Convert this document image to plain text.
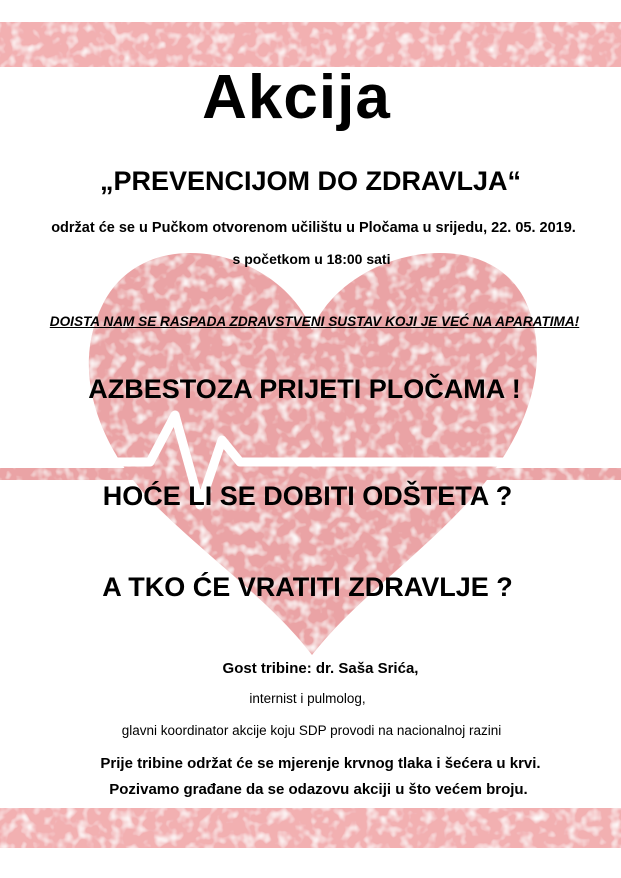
Akcija
„PREVENCIJOM DO ZDRAVLJA“
održat će se u Pučkom otvorenom učilištu u Pločama u srijedu, 22. 05. 2019.
s početkom u 18:00 sati
DOISTA NAM SE RASPADA ZDRAVSTVENI SUSTAV KOJI JE VEĆ NA APARATIMA!
AZBESTOZA PRIJETI PLOČAMA !
HOĆE LI SE DOBITI ODŠTETA ?
A TKO ĆE VRATITI ZDRAVLJE ?
Gost tribine: dr. Saša Srića,
internist i pulmolog,
glavni koordinator akcije koju SDP provodi na nacionalnoj razini
Prije tribine održat će se mjerenje krvnog tlaka i šećera u krvi.
Pozivamo građane da se odazovu akciji u što većem broju.
